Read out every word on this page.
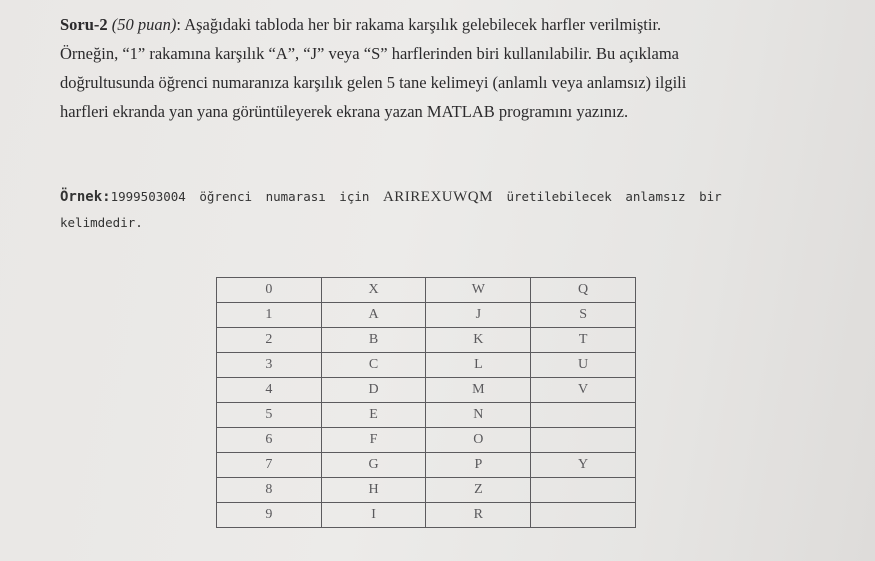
Soru-2 (50 puan): Aşağıdaki tabloda her bir rakama karşılık gelebilecek harfler verilmiştir.
Örneğin, “1” rakamına karşılık “A”, “J” veya “S” harflerinden biri kullanılabilir. Bu açıklama
doğrultusunda öğrenci numaranıza karşılık gelen 5 tane kelimeyi (anlamlı veya anlamsız) ilgili
harfleri ekranda yan yana görüntüleyerek ekrana yazan MATLAB programını yazınız.
Örnek:1999503004 öğrenci numarası için ARIREXUWQM üretilebilecek anlamsız bir
kelimdedir.
0	X	W	Q
1	A	J	S
2	B	K	T
3	C	L	U
4	D	M	V
5	E	N	
6	F	O	
7	G	P	Y
8	H	Z	
9	I	R	
